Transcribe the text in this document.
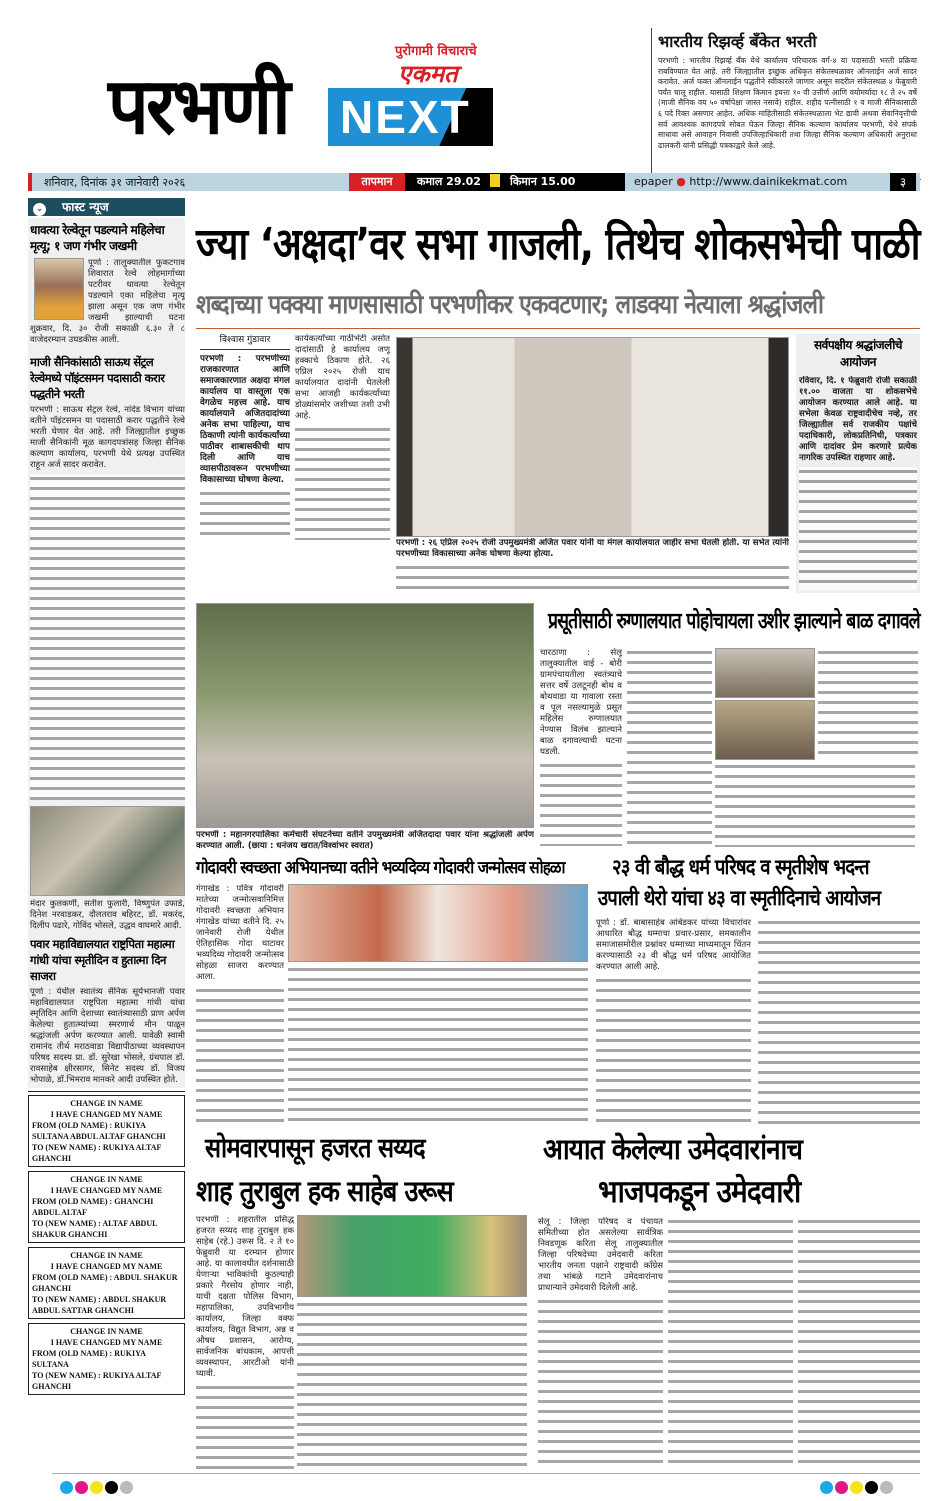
परभणी NEXT
पुरोगामी विचाराचे
एकमत
भारतीय रिझर्व्ह बँकेत भरती
परभणी : भारतीय रिझर्व्ह बँक येथे कार्यालय परिचारक वर्ग-४ या पदासाठी भरती प्रक्रिया राबविण्यात येत आहे. तरी जिल्ह्यातील इच्छुक अधिकृत संकेतस्थळावर ऑनलाईन अर्ज सादर करावेत. अर्ज फक्त ऑनलाईन पद्धतीने स्वीकारले जाणार असून सदरील संकेतस्थळ ४ फेब्रुवारी पर्यंत चालू राहील. यासाठी शिक्षण किमान इयत्ता १० वी उत्तीर्ण आणि वयोमर्यादा १८ ते २५ वर्षे (माजी सैनिक वय ५० वर्षापेक्षा जास्त नसावे) राहील. शहीद पत्नीसाठी १ व माजी सैनिकासाठी ६ पदे रिक्त असणार आहेत. अधिक माहितीसाठी संकेतस्थळाला भेट द्यावी अथवा सेवानिवृत्तीची सर्व आवश्यक कागदपत्रे सोबत घेऊन जिल्हा सैनिक कल्याण कार्यालय परभणी, येथे संपर्क साधावा असे आवाहन निवासी उपजिल्हाधिकारी तथा जिल्हा सैनिक कल्याण अधिकारी अनुराधा ढालकरी यांनी प्रसिद्धी पत्रकाद्वारे केले आहे.
शनिवार, दिनांक ३१ जानेवारी २०२६	तापमान	कमाल 29.02	किमान 15.00	epaper ● http://www.dainikekmat.com	३
⌄ फास्ट न्यूज
धावत्या रेल्वेतून पडल्याने महिलेचा मृत्यू; १ जण गंभीर जखमी
पूर्णा : तालुक्यातील फुकटगाव शिवारात रेल्वे लोहमार्गाच्या पटरीवर धावत्या रेल्वेतून पडल्याने एका महिलेचा मृत्यू झाला असून एक जण गंभीर जखमी झाल्याची घटना शुक्रवार, दि. ३० रोजी सकाळी ६.३० ते ८ वाजेदरम्यान उघडकीस आली.
माजी सैनिकांसाठी साऊथ सेंट्रल रेल्वेमध्ये पॉइंटसमन पदासाठी करार पद्धतीने भरती
परभणी : साऊथ सेंट्रल रेल्वे, नांदेड विभाग यांच्या वतीने पॉइंटसमन या पदासाठी करार पद्धतीने रेल्वे भरती घेणार येत आहे. तरी जिल्ह्यातील इच्छुक माजी सैनिकांनी मूळ कागदपत्रांसह जिल्हा सैनिक कल्याण कार्यालय, परभणी येथे प्रत्यक्ष उपस्थित राहून अर्ज सादर करावेत.
मंदार कुलकर्णी, सतीश फुलारी, विष्णुपंत उफाडे, दिनेश नरवाडकर, दौलतराव बहिरट, डॉ. मकरंद, दिलीप पढारे, गोविंद भोसले, उद्धव वाघमारे आदी.
पवार महाविद्यालयात राष्ट्रपिता महात्मा गांधी यांचा स्मृतीदिन व हुतात्मा दिन साजरा
पूर्णा : येथील स्वातंत्र्य सैनिक सूर्यभानजी पवार महाविद्यालयात राष्ट्रपिता महात्मा गांधी यांचा स्मृतिदिन आणि देशाच्या स्वातंत्र्यासाठी प्राण अर्पण केलेल्या हुतात्म्यांच्या स्मरणार्थ मौन पाळून श्रद्धांजली अर्पण करण्यात आली. यावेळी स्वामी रामानंद तीर्थ मराठवाडा विद्यापीठाच्या व्यवस्थापन परिषद सदस्य प्रा. डॉ. सुरेखा भोसले, ग्रंथपाल डॉ. रावसाहेब क्षीरसागर, सिनेट सदस्य डॉ. विजय भोपाळे, डॉ.भिमराव मानकरे आदी उपस्थित होते.
CHANGE IN NAME
I HAVE CHANGED MY NAME
FROM (OLD NAME) : RUKIYA SULTANA ABDUL ALTAF GHANCHI
TO (NEW NAME) : RUKIYA ALTAF GHANCHI
CHANGE IN NAME
I HAVE CHANGED MY NAME
FROM (OLD NAME) : GHANCHI ABDUL ALTAF
TO (NEW NAME) : ALTAF ABDUL SHAKUR GHANCHI
CHANGE IN NAME
I HAVE CHANGED MY NAME
FROM (OLD NAME) : ABDUL SHAKUR GHANCHI
TO (NEW NAME) : ABDUL SHAKUR ABDUL SATTAR GHANCHI
CHANGE IN NAME
I HAVE CHANGED MY NAME
FROM (OLD NAME) : RUKIYA SULTANA
TO (NEW NAME) : RUKIYA ALTAF GHANCHI
ज्या ‘अक्षदा’वर सभा गाजली, तिथेच शोकसभेची पाळी
शब्दाच्या पक्क्या माणसासाठी परभणीकर एकवटणार; लाडक्या नेत्याला श्रद्धांजली
विश्वास गुंडावार
परभणी : परभणीच्या राजकारणात आणि समाजकारणात अक्षदा मंगल कार्यालय या वास्तूला एक वेगळेच महत्त्व आहे. याच कार्यालयाने अजितदादांच्या अनेक सभा पाहिल्या, याच ठिकाणी त्यांनी कार्यकर्त्यांच्या पाठीवर शाबासकीची थाप दिली आणि याच व्यासपीठावरून परभणीच्या विकासाच्या घोषणा केल्या.
कार्यकर्त्यांच्या गाठीभेटी असोत दादांसाठी हे कार्यालय जणू हक्काचे ठिकाण होते. २६ एप्रिल २०२५ रोजी याच कार्यालयात दादांनी घेतलेली सभा आजही कार्यकर्त्यांच्या डोळ्यांसमोर जशीच्या तशी उभी आहे.
परभणी : २६ एप्रिल २०२५ रोजी उपमुख्यमंत्री अजित पवार यांनी या मंगल कार्यालयात जाहीर सभा घेतली होती. या सभेत त्यांनी परभणीच्या विकासाच्या अनेक घोषणा केल्या होत्या.
सर्वपक्षीय श्रद्धांजलीचे आयोजन
रविवार, दि. १ फेब्रुवारी रोजी सकाळी ११.०० वाजता या शोकसभेचे आयोजन करण्यात आले आहे. या सभेला केवळ राष्ट्रवादीचेच नव्हे, तर जिल्ह्यातील सर्व राजकीय पक्षांचे पदाधिकारी, लोकप्रतिनिधी, पत्रकार आणि दादांवर प्रेम करणारे प्रत्येक नागरिक उपस्थित राहणार आहे.
परभणी : महानगरपालिका कर्मचारी संघटनेच्या वतीने उपमुख्यमंत्री अजितदादा पवार यांना श्रद्धांजली अर्पण करण्यात आली. (छाया : धनंजय खरात/विश्वांभर स्वरात)
प्रसूतीसाठी रुग्णालयात पोहोचायला उशीर झाल्याने बाळ दगावले
चारठाणा : सेलू तालुक्यातील वाई - बोरी ग्रामपंचायतीला स्वतंत्र्याचे सत्तर वर्षे उलटूनही बोथ व बोथवाडा या गावाला रस्ता व पूल नसल्यामुळे प्रसूत महिलेस रुग्णालयात नेण्यास विलंब झाल्याने बाळ दगावल्याची घटना घडली.
गोदावरी स्वच्छता अभियानच्या वतीने भव्यदिव्य गोदावरी जन्मोत्सव सोहळा
गंगाखेड : पवित्र गोदावरी मातेच्या जन्मोत्सवानिमित्त गोदावरी स्वच्छता अभियान गंगाखेड यांच्या वतीने दि. २५ जानेवारी रोजी येथील ऐतिहासिक गोदा घाटावर भव्यदिव्य गोदावरी जन्मोत्सव सोहळा साजरा करण्यात आला.
२३ वी बौद्ध धर्म परिषद व स्मृतीशेष भदन्त
उपाली थेरो यांचा ४३ वा स्मृतीदिनाचे आयोजन
पूर्णा : डॉ. बाबासाहेब आंबेडकर यांच्या विचारांवर आधारित बौद्ध धम्माचा प्रचार-प्रसार, समकालीन समाजासमोरील प्रश्नांवर धम्माच्या माध्यमातून चिंतन करण्यासाठी २३ वी बौद्ध धर्म परिषद आयोजित करण्यात आली आहे.
सोमवारपासून हजरत सय्यद
शाह तुराबुल हक साहेब उरूस
परभणी : शहरातील प्रसिद्ध हजरत सय्यद शाह तुराबुल हक साहेब (रहे.) उरूस दि. २ ते १० फेब्रुवारी या दरम्यान होणार आहे. या कालावधीत दर्शनासाठी येणाऱ्या भाविकांची कुठल्याही प्रकारे गैरसोय होणार नाही, याची दक्षता पोलिस विभाग, महापालिका, उपविभागीय कार्यालय, जिल्हा वक्फ कार्यालय, विद्युत विभाग, अन्न व औषध प्रशासन, आरोग्य, सार्वजनिक बांधकाम, आपत्ती व्यवस्थापन, आरटीओ यांनी घ्यावी.
आयात केलेल्या उमेदवारांनाच
भाजपकडून उमेदवारी
सेलू : जिल्हा परिषद व पंचायत समितीच्या होत असलेल्या सार्वत्रिक निवडणूक करिता सेलू तालुक्यातील जिल्हा परिषदेच्या उमेदवारी करिता भारतीय जनता पक्षाने राष्ट्रवादी काँग्रेस तथा भांबळे गटाने उमेदवारांनाच प्राधान्याने उमेदवारी दिलेली आहे.
